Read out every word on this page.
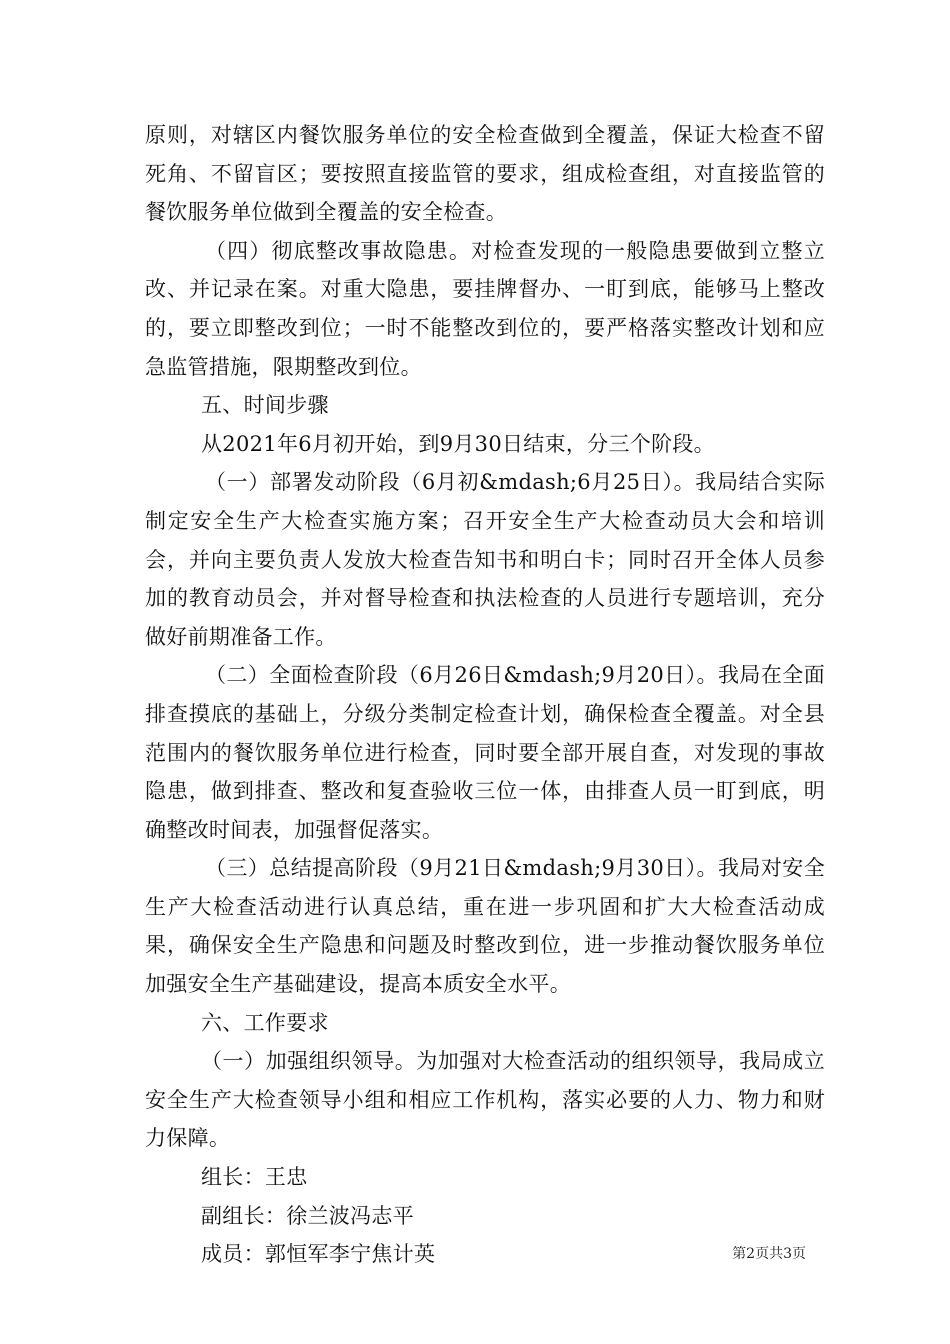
原则，对辖区内餐饮服务单位的安全检查做到全覆盖，保证大检查不留死角、不留盲区；要按照直接监管的要求，组成检查组，对直接监管的餐饮服务单位做到全覆盖的安全检查。

（四）彻底整改事故隐患。对检查发现的一般隐患要做到立整立改、并记录在案。对重大隐患，要挂牌督办、一盯到底，能够马上整改的，要立即整改到位；一时不能整改到位的，要严格落实整改计划和应急监管措施，限期整改到位。

五、时间步骤

从2021年6月初开始，到9月30日结束，分三个阶段。

（一）部署发动阶段（6月初&mdash;6月25日）。我局结合实际制定安全生产大检查实施方案；召开安全生产大检查动员大会和培训会，并向主要负责人发放大检查告知书和明白卡；同时召开全体人员参加的教育动员会，并对督导检查和执法检查的人员进行专题培训，充分做好前期准备工作。

（二）全面检查阶段（6月26日&mdash;9月20日）。我局在全面排查摸底的基础上，分级分类制定检查计划，确保检查全覆盖。对全县范围内的餐饮服务单位进行检查，同时要全部开展自查，对发现的事故隐患，做到排查、整改和复查验收三位一体，由排查人员一盯到底，明确整改时间表，加强督促落实。

（三）总结提高阶段（9月21日&mdash;9月30日）。我局对安全生产大检查活动进行认真总结，重在进一步巩固和扩大大检查活动成果，确保安全生产隐患和问题及时整改到位，进一步推动餐饮服务单位加强安全生产基础建设，提高本质安全水平。

六、工作要求

（一）加强组织领导。为加强对大检查活动的组织领导，我局成立安全生产大检查领导小组和相应工作机构，落实必要的人力、物力和财力保障。

组长：王忠

副组长：徐兰波冯志平

成员：郭恒军李宁焦计英	第2页共3页
